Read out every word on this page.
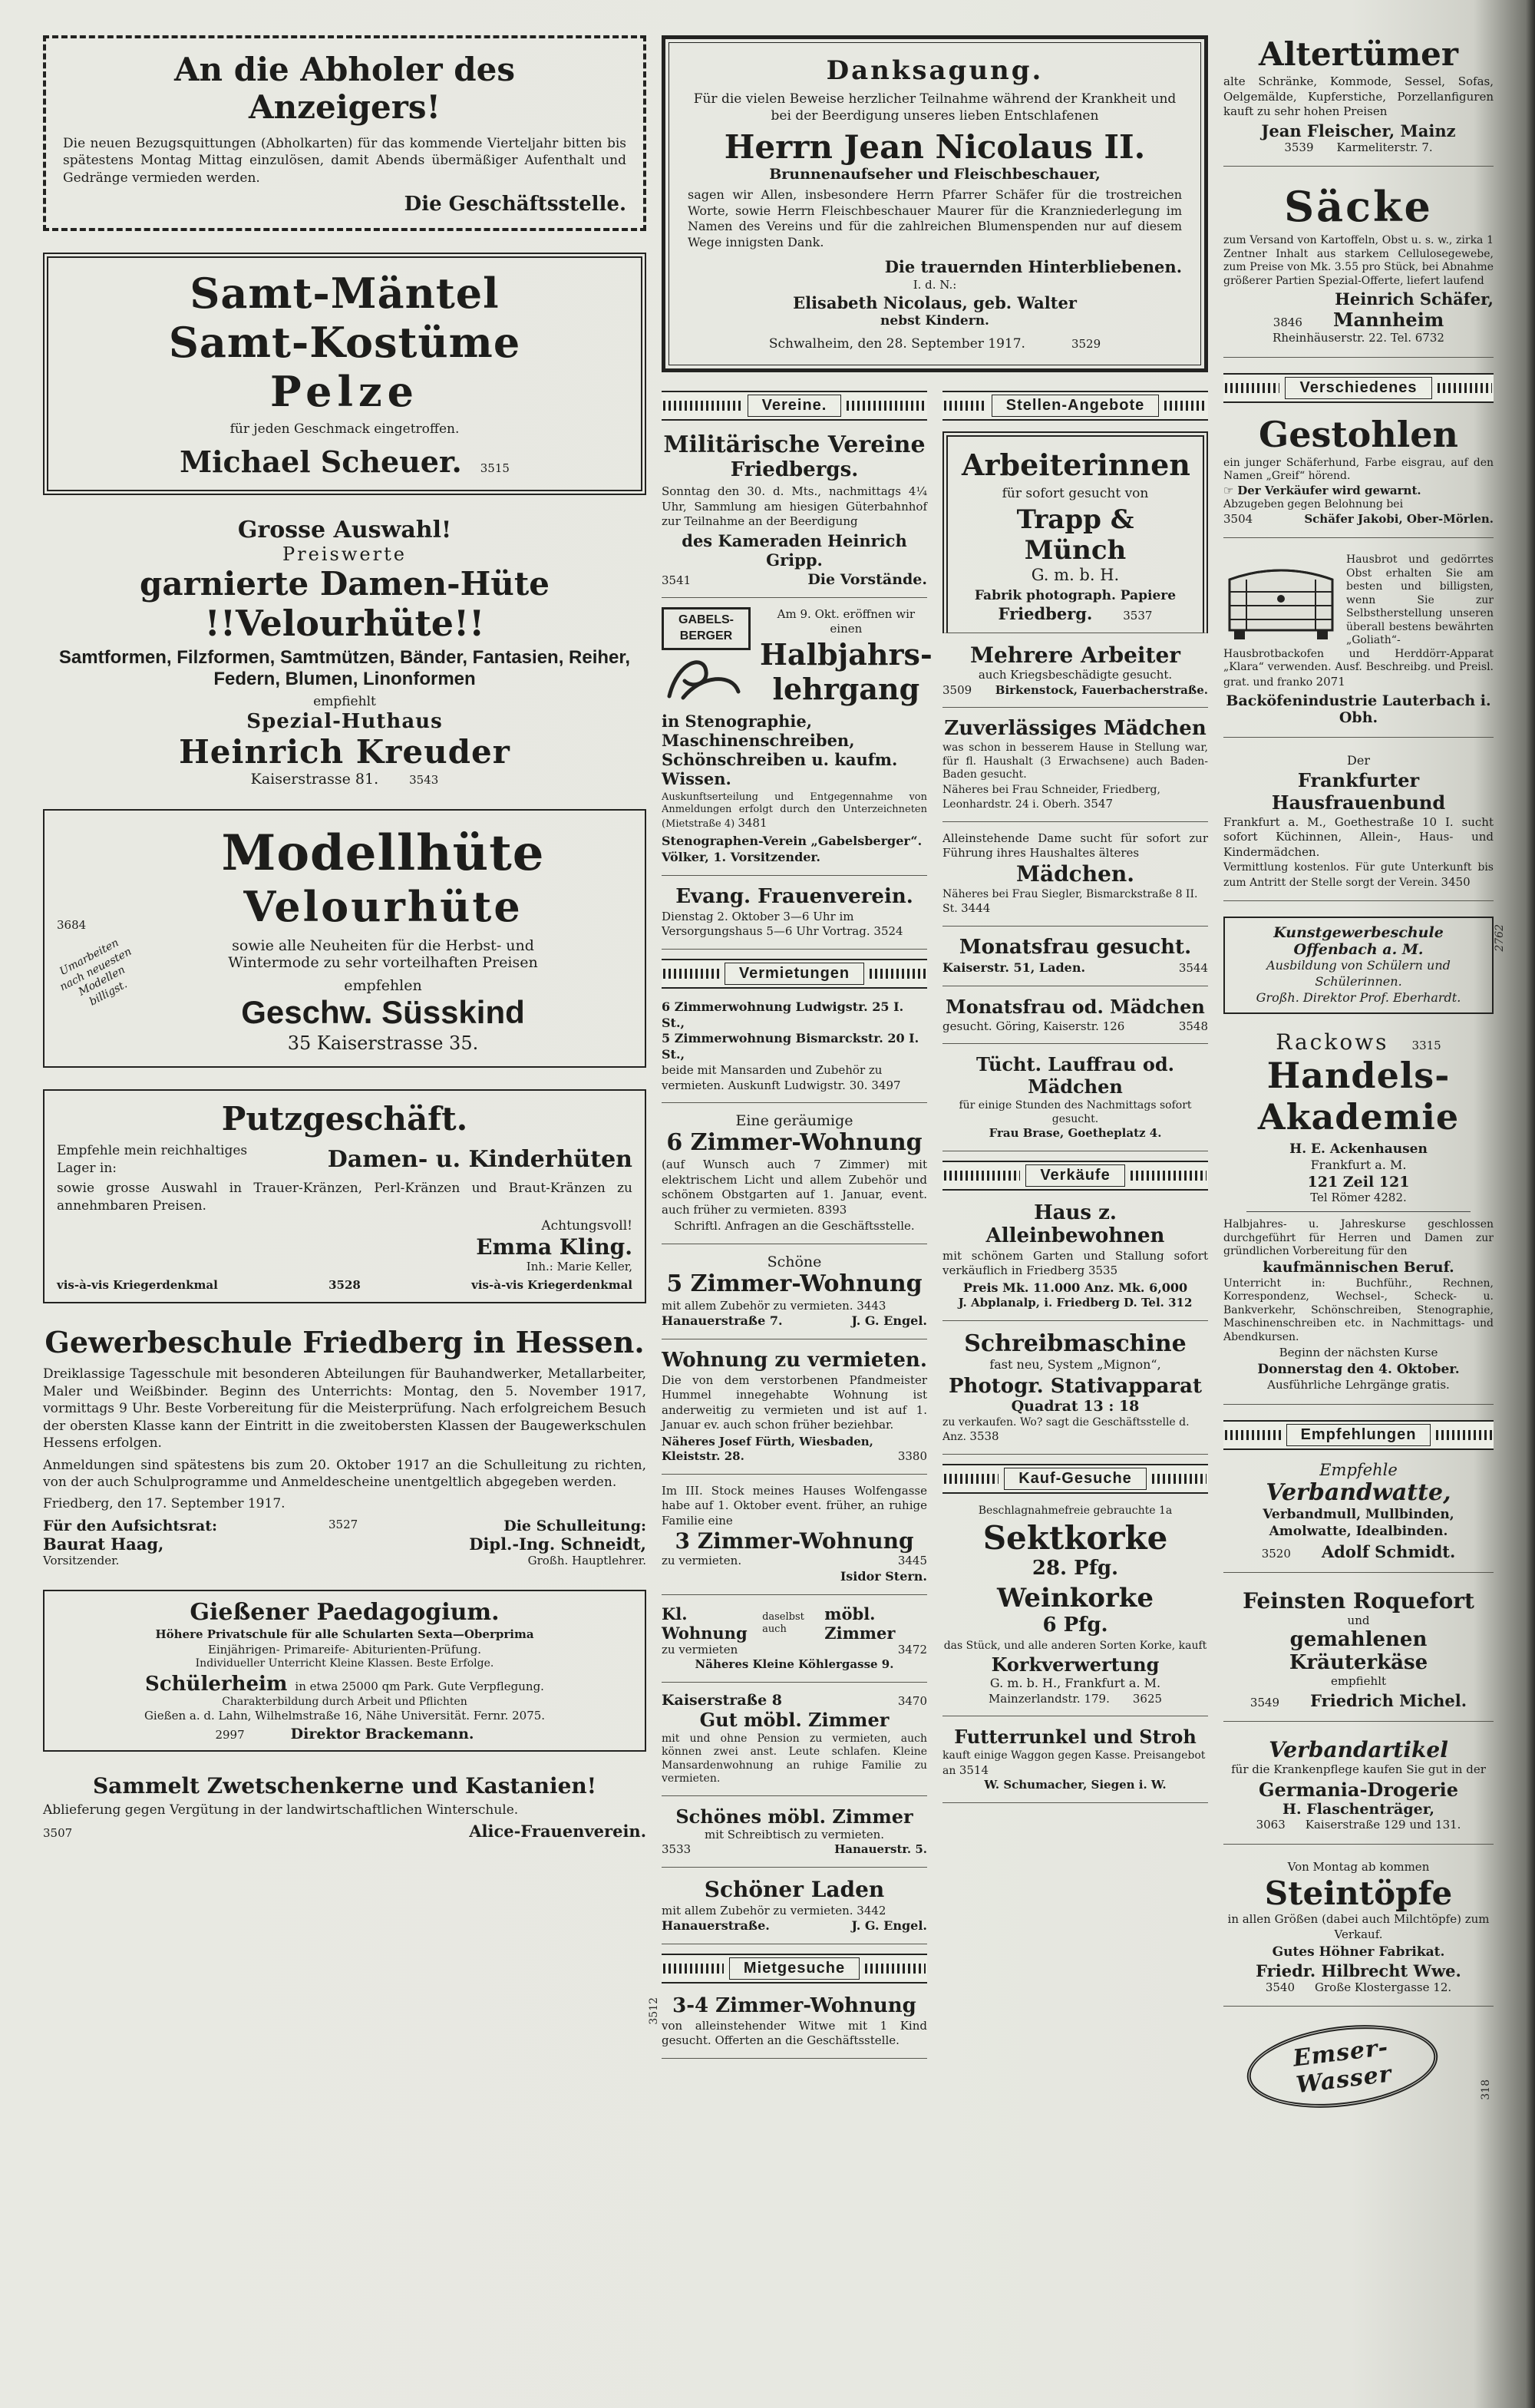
An die Abholer des
Anzeigers!
Die neuen Bezugsquittungen (Abholkarten) für das kommende Vierteljahr bitten bis spätestens Montag Mittag einzulösen, damit Abends übermäßiger Aufenthalt und Gedränge vermieden werden.
Die Geschäftsstelle.
Samt-Mäntel
Samt-Kostüme
Pelze
für jeden Geschmack eingetroffen.
Michael Scheuer. 3515
Grosse Auswahl!
Preiswerte
garnierte Damen-Hüte
!!Velourhüte!!
Samtformen, Filzformen, Samtmützen, Bänder, Fantasien, Reiher, Federn, Blumen, Linonformen
empfiehlt
Spezial-Huthaus
Heinrich Kreuder
Kaiserstrasse 81.	3543
Umarbeiten
nach neuesten
Modellen
billigst.
3684
Modellhüte
Velourhüte
sowie alle Neuheiten für die Herbst- und Wintermode zu sehr vorteilhaften Preisen
empfehlen
Geschw. Süsskind
35 Kaiserstrasse 35.
Putzgeschäft.
Empfehle mein reichhaltiges Lager in:	Damen- u. Kinderhüten
sowie grosse Auswahl in Trauer-Kränzen, Perl-Kränzen und Braut-Kränzen zu annehmbaren Preisen.
Achtungsvoll!
Emma Kling.
Inh.: Marie Keller,
vis-à-vis Kriegerdenkmal	3528	vis-à-vis Kriegerdenkmal
Gewerbeschule Friedberg in Hessen.
Dreiklassige Tagesschule mit besonderen Abteilungen für Bauhandwerker, Metallarbeiter, Maler und Weißbinder. Beginn des Unterrichts: Montag, den 5. November 1917, vormittags 9 Uhr. Beste Vorbereitung für die Meisterprüfung. Nach erfolgreichem Besuch der obersten Klasse kann der Eintritt in die zweitobersten Klassen der Baugewerkschulen Hessens erfolgen.
Anmeldungen sind spätestens bis zum 20. Oktober 1917 an die Schulleitung zu richten, von der auch Schulprogramme und Anmeldescheine unentgeltlich abgegeben werden.
Friedberg, den 17. September 1917.
Für den Aufsichtsrat:
Baurat Haag,
Vorsitzender.
3527	Die Schulleitung:
Dipl.-Ing. Schneidt,
Großh. Hauptlehrer.
Gießener Paedagogium.
Höhere Privatschule für alle Schularten Sexta—Oberprima
Einjährigen- Primareife- Abiturienten-Prüfung.
Individueller Unterricht Kleine Klassen. Beste Erfolge.
Schülerheim in etwa 25000 qm Park. Gute Verpflegung.
Charakterbildung durch Arbeit und Pflichten
Gießen a. d. Lahn, Wilhelmstraße 16, Nähe Universität. Fernr. 2075.
2997	Direktor Brackemann.
Sammelt Zwetschenkerne und Kastanien!
Ablieferung gegen Vergütung in der landwirtschaftlichen Winterschule.
3507	Alice-Frauenverein.
Danksagung.
Für die vielen Beweise herzlicher Teilnahme während der Krankheit und bei der Beerdigung unseres lieben Entschlafenen
Herrn Jean Nicolaus II.
Brunnenaufseher und Fleischbeschauer,
sagen wir Allen, insbesondere Herrn Pfarrer Schäfer für die trostreichen Worte, sowie Herrn Fleischbeschauer Maurer für die Kranzniederlegung im Namen des Vereins und für die zahlreichen Blumenspenden nur auf diesem Wege innigsten Dank.
Die trauernden Hinterbliebenen.
I. d. N.:
Elisabeth Nicolaus, geb. Walter
nebst Kindern.
Schwalheim, den 28. September 1917.	3529
Vereine.
Militärische Vereine
Friedbergs.
Sonntag den 30. d. Mts., nachmittags 4¼ Uhr, Sammlung am hiesigen Güterbahnhof zur Teilnahme an der Beerdigung
des Kameraden Heinrich Gripp.
3541	Die Vorstände.
GABELS-
BERGER
Am 9. Okt. eröffnen wir einen
Halbjahrs-
lehrgang
in Stenographie, Maschinenschreiben, Schönschreiben u. kaufm. Wissen.
Auskunftserteilung und Entgegennahme von Anmeldungen erfolgt durch den Unterzeichneten (Mietstraße 4) 3481
Stenographen-Verein „Gabelsberger“. Völker, 1. Vorsitzender.
Evang. Frauenverein.
Dienstag 2. Oktober 3—6 Uhr im Versorgungshaus 5—6 Uhr Vortrag. 3524
Vermietungen
6 Zimmerwohnung Ludwigstr. 25 I. St.,
5 Zimmerwohnung Bismarckstr. 20 I. St.,
beide mit Mansarden und Zubehör zu vermieten. Auskunft Ludwigstr. 30. 3497
Eine geräumige
6 Zimmer-Wohnung
(auf Wunsch auch 7 Zimmer) mit elektrischem Licht und allem Zubehör und schönem Obstgarten auf 1. Januar, event. auch früher zu vermieten. 8393
Schriftl. Anfragen an die Geschäftsstelle.
Schöne
5 Zimmer-Wohnung
mit allem Zubehör zu vermieten. 3443
Hanauerstraße 7.	J. G. Engel.
Wohnung zu vermieten.
Die von dem verstorbenen Pfandmeister Hummel innegehabte Wohnung ist anderweitig zu vermieten und ist auf 1. Januar ev. auch schon früher beziehbar.
Näheres Josef Fürth, Wiesbaden,
Kleiststr. 28.	3380
Im III. Stock meines Hauses Wolfengasse habe auf 1. Oktober event. früher, an ruhige Familie eine
3 Zimmer-Wohnung
zu vermieten.	3445
Isidor Stern.
Kl. Wohnung
daselbst auch
möbl. Zimmer
zu vermieten	3472
Näheres Kleine Köhlergasse 9.
Kaiserstraße 8	3470
Gut möbl. Zimmer
mit und ohne Pension zu vermieten, auch können zwei anst. Leute schlafen. Kleine Mansardenwohnung an ruhige Familie zu vermieten.
Schönes möbl. Zimmer
mit Schreibtisch zu vermieten.
3533	Hanauerstr. 5.
Schöner Laden
mit allem Zubehör zu vermieten. 3442
Hanauerstraße.	J. G. Engel.
Mietgesuche
3512 3-4 Zimmer-Wohnung
von alleinstehender Witwe mit 1 Kind gesucht. Offerten an die Geschäftsstelle.
Stellen-Angebote
Arbeiterinnen
für sofort gesucht von
Trapp & Münch
G. m. b. H.
Fabrik photograph. Papiere
Friedberg.	3537
Mehrere Arbeiter
auch Kriegsbeschädigte gesucht.
3509 Birkenstock, Fauerbacherstraße.
Zuverlässiges Mädchen
was schon in besserem Hause in Stellung war, für fl. Haushalt (3 Erwachsene) auch Baden-Baden gesucht.
Näheres bei Frau Schneider, Friedberg, Leonhardstr. 24 i. Oberh. 3547
Alleinstehende Dame sucht für sofort zur Führung ihres Haushaltes älteres
Mädchen.
Näheres bei Frau Siegler, Bismarckstraße 8 II. St. 3444
Monatsfrau gesucht.
Kaiserstr. 51, Laden.	3544
Monatsfrau od. Mädchen
gesucht. Göring, Kaiserstr. 126	3548
Tücht. Lauffrau od. Mädchen
für einige Stunden des Nachmittags sofort gesucht.
Frau Brase, Goetheplatz 4.
Verkäufe
Haus z. Alleinbewohnen
mit schönem Garten und Stallung sofort verkäuflich in Friedberg 3535
Preis Mk. 11.000 Anz. Mk. 6,000
J. Abplanalp, i. Friedberg D. Tel. 312
Schreibmaschine
fast neu, System „Mignon“,
Photogr. Stativapparat
Quadrat 13 : 18
zu verkaufen. Wo? sagt die Geschäftsstelle d. Anz. 3538
Kauf-Gesuche
Beschlagnahmefreie gebrauchte 1a
Sektkorke
28. Pfg.
Weinkorke
6 Pfg.
das Stück, und alle anderen Sorten Korke, kauft
Korkverwertung
G. m. b. H., Frankfurt a. M.
Mainzerlandstr. 179. 3625
Futterrunkel und Stroh
kauft einige Waggon gegen Kasse. Preisangebot an 3514
W. Schumacher, Siegen i. W.
Altertümer
alte Schränke, Kommode, Sessel, Sofas, Oelgemälde, Kupferstiche, Porzellanfiguren kauft zu sehr hohen Preisen
Jean Fleischer, Mainz
3539 Karmeliterstr. 7.
Säcke
zum Versand von Kartoffeln, Obst u. s. w., zirka 1 Zentner Inhalt aus starkem Cellulosegewebe, zum Preise von Mk. 3.55 pro Stück, bei Abnahme größerer Partien Spezial-Offerte, liefert laufend
Heinrich Schäfer,
3846 Mannheim
Rheinhäuserstr. 22. Tel. 6732
Verschiedenes
Gestohlen
ein junger Schäferhund, Farbe eisgrau, auf den Namen „Greif“ hörend.
☞ Der Verkäufer wird gewarnt.
Abzugeben gegen Belohnung bei
3504	Schäfer Jakobi, Ober-Mörlen.
Hausbrot und gedörrtes Obst erhalten Sie am besten und billigsten, wenn Sie zur Selbstherstellung unseren überall bestens bewährten „Goliath“-Hausbrotbackofen und Herddörr-Apparat „Klara“ verwenden. Ausf. Beschreibg. und Preisl. grat. und franko 2071
Backöfenindustrie Lauterbach i. Obh.
Der
Frankfurter Hausfrauenbund
Frankfurt a. M., Goethestraße 10 I. sucht sofort Küchinnen, Allein-, Haus- und Kindermädchen.
Vermittlung kostenlos. Für gute Unterkunft bis zum Antritt der Stelle sorgt der Verein. 3450
2762
Kunstgewerbeschule Offenbach a. M.
Ausbildung von Schülern und
Schülerinnen.
Großh. Direktor Prof. Eberhardt.
Rackows 3315
Handels-
Akademie
H. E. Ackenhausen
Frankfurt a. M.
121 Zeil 121
Tel Römer 4282.
Halbjahres- u. Jahreskurse geschlossen durchgeführt für Herren und Damen zur gründlichen Vorbereitung für den
kaufmännischen Beruf.
Unterricht in: Buchführ., Rechnen, Korrespondenz, Wechsel-, Scheck- u. Bankverkehr, Schönschreiben, Stenographie, Maschinenschreiben etc. in Nachmittags- und Abendkursen.
Beginn der nächsten Kurse
Donnerstag den 4. Oktober.
Ausführliche Lehrgänge gratis.
Empfehlungen
Empfehle
Verbandwatte,
Verbandmull, Mullbinden, Amolwatte, Idealbinden.
3520 Adolf Schmidt.
Feinsten Roquefort
und
gemahlenen Kräuterkäse
empfiehlt
3549 Friedrich Michel.
Verbandartikel
für die Krankenpflege kaufen Sie gut in der
Germania-Drogerie
H. Flaschenträger,
3063 Kaiserstraße 129 und 131.
Von Montag ab kommen
Steintöpfe
in allen Größen (dabei auch Milchtöpfe) zum Verkauf.
Gutes Höhner Fabrikat.
Friedr. Hilbrecht Wwe.
3540 Große Klostergasse 12.
Emser-
Wasser	318
